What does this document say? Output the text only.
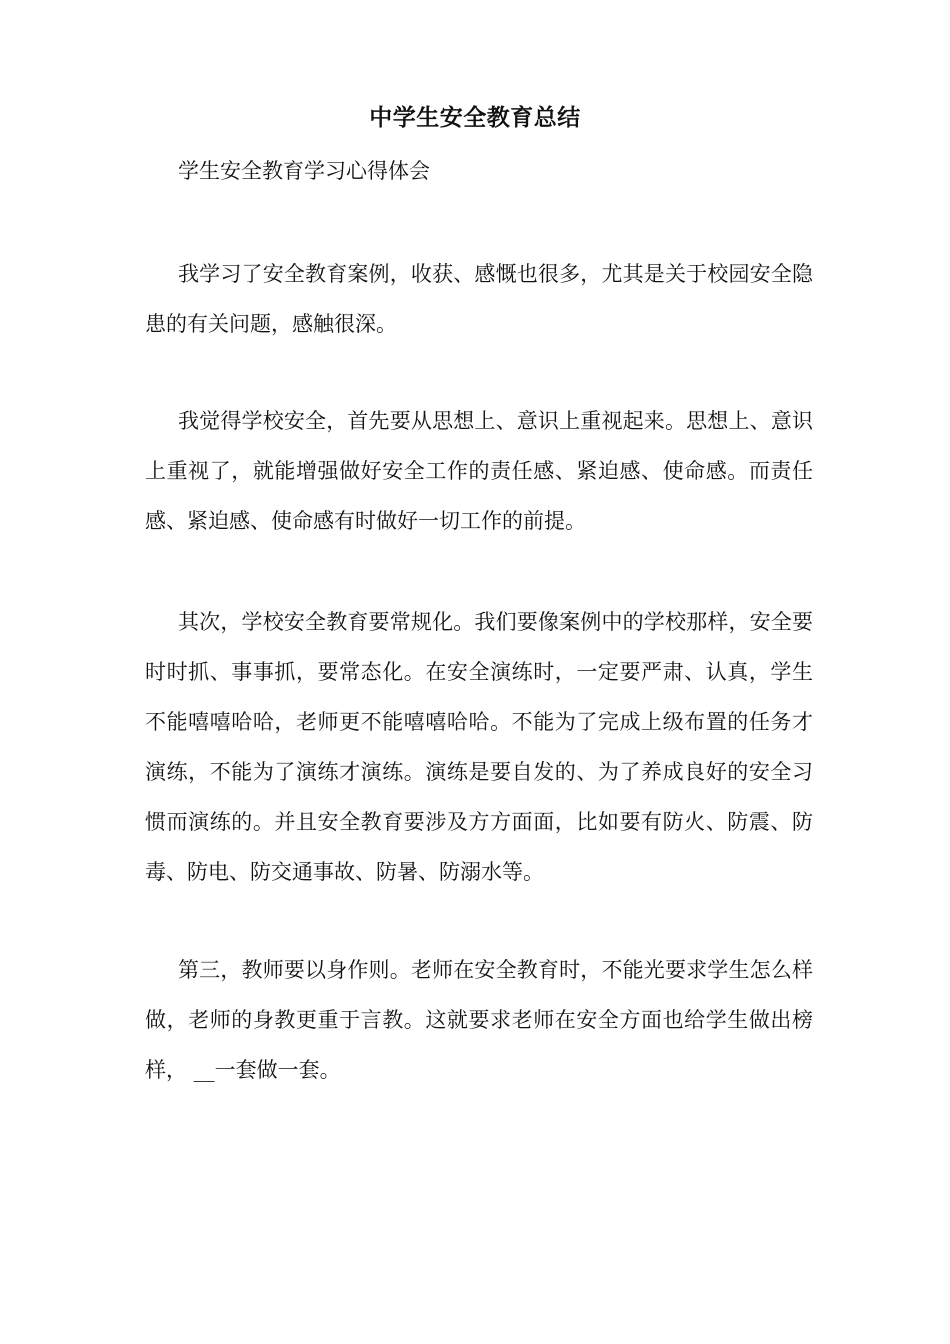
中学生安全教育总结
学生安全教育学习心得体会

我学习了安全教育案例，收获、感慨也很多，尤其是关于校园安全隐患的有关问题，感触很深。

我觉得学校安全，首先要从思想上、意识上重视起来。思想上、意识上重视了，就能增强做好安全工作的责任感、紧迫感、使命感。而责任感、紧迫感、使命感有时做好一切工作的前提。

其次，学校安全教育要常规化。我们要像案例中的学校那样，安全要时时抓、事事抓，要常态化。在安全演练时，一定要严肃、认真，学生不能嘻嘻哈哈，老师更不能嘻嘻哈哈。不能为了完成上级布置的任务才演练，不能为了演练才演练。演练是要自发的、为了养成良好的安全习惯而演练的。并且安全教育要涉及方方面面，比如要有防火、防震、防毒、防电、防交通事故、防暑、防溺水等。

第三，教师要以身作则。老师在安全教育时，不能光要求学生怎么样做，老师的身教更重于言教。这就要求老师在安全方面也给学生做出榜样， __一套做一套。
